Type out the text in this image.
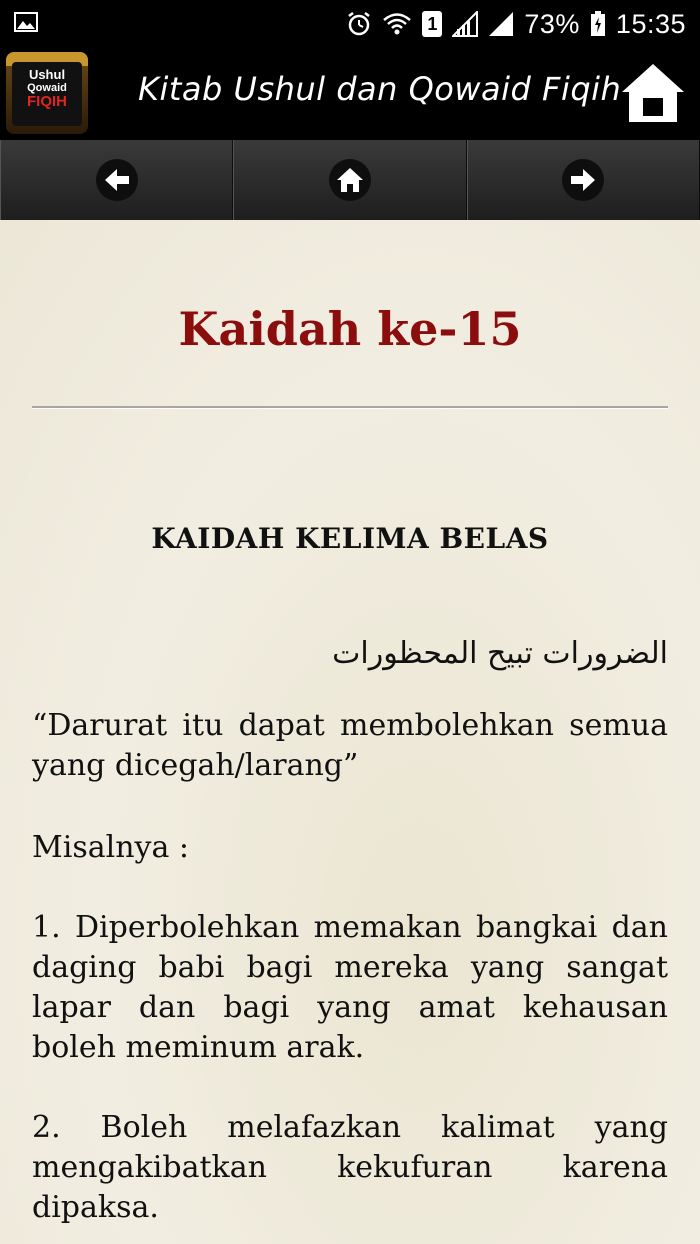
1	73% 15:35
Ushul
Qowaid
FIQIH	Kitab Ushul dan Qowaid Fiqih
Kaidah ke-15
KAIDAH KELIMA BELAS
الضرورات تبيح المحظورات
“Darurat itu dapat membolehkan semua yang dicegah/larang”
Misalnya :
1. Diperbolehkan memakan bangkai dan daging babi bagi mereka yang sangat lapar dan bagi yang amat kehausan boleh meminum arak.
2. Boleh melafazkan kalimat yang mengakibatkan kekufuran karena dipaksa.
